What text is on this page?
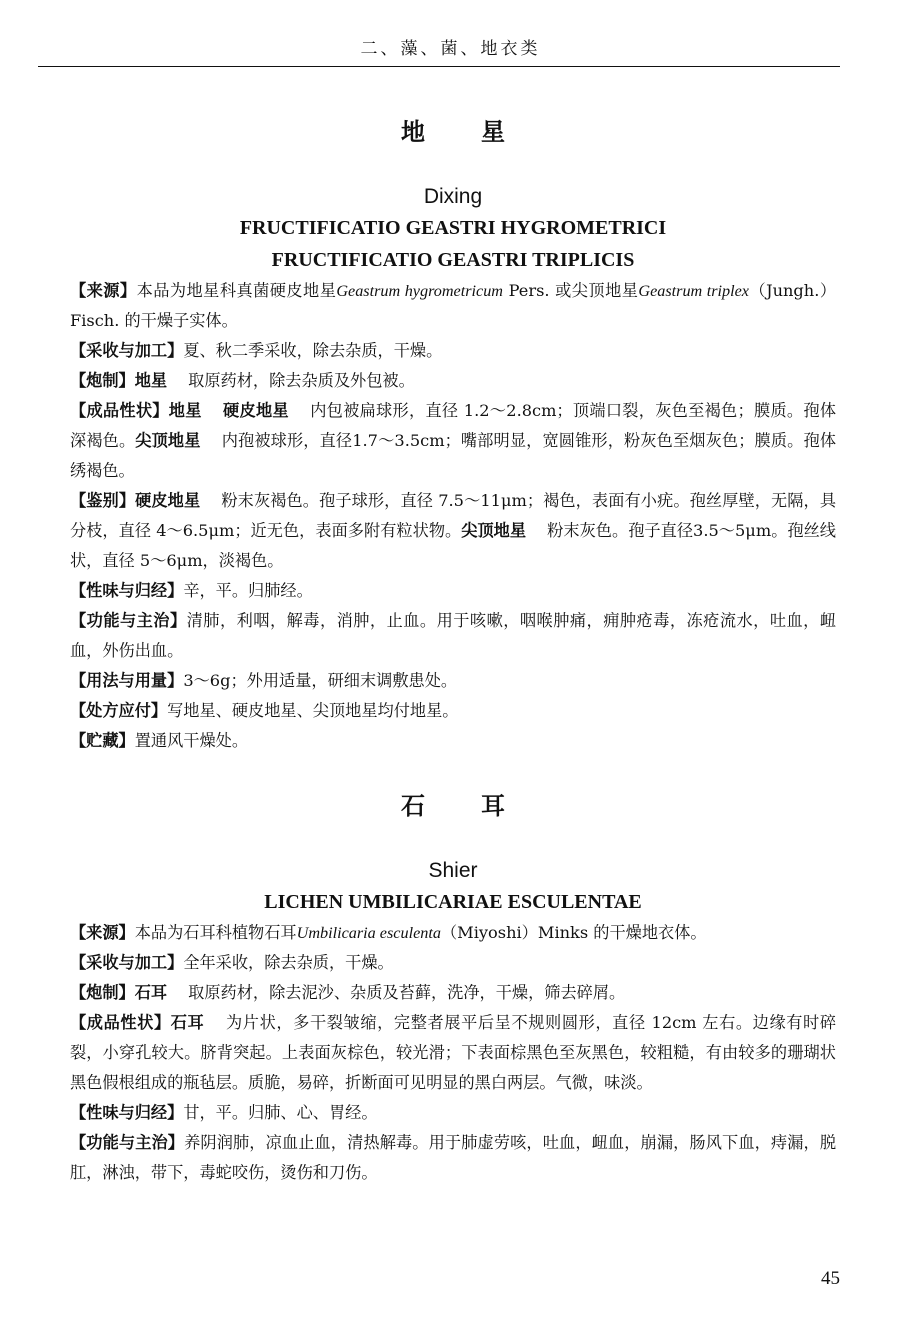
二、藻、菌、地衣类
地星
Dixing
FRUCTIFICATIO GEASTRI HYGROMETRICI
FRUCTIFICATIO GEASTRI TRIPLICIS

【来源】本品为地星科真菌硬皮地星Geastrum hygrometricum Pers. 或尖顶地星Geastrum triplex（Jungh.）Fisch. 的干燥子实体。

【采收与加工】夏、秋二季采收，除去杂质，干燥。

【炮制】地星 取原药材，除去杂质及外包被。

【成品性状】地星 硬皮地星 内包被扁球形，直径 1.2～2.8cm；顶端口裂，灰色至褐色；膜质。孢体深褐色。尖顶地星 内孢被球形，直径1.7～3.5cm；嘴部明显，宽圆锥形，粉灰色至烟灰色；膜质。孢体绣褐色。

【鉴别】硬皮地星 粉末灰褐色。孢子球形，直径 7.5～11μm；褐色，表面有小疣。孢丝厚壁，无隔，具分枝，直径 4～6.5μm；近无色，表面多附有粒状物。尖顶地星 粉末灰色。孢子直径3.5～5μm。孢丝线状，直径 5～6μm，淡褐色。

【性味与归经】辛，平。归肺经。

【功能与主治】清肺，利咽，解毒，消肿，止血。用于咳嗽，咽喉肿痛，痈肿疮毒，冻疮流水，吐血，衄血，外伤出血。

【用法与用量】3～6g；外用适量，研细末调敷患处。

【处方应付】写地星、硬皮地星、尖顶地星均付地星。

【贮藏】置通风干燥处。

石耳
Shier
LICHEN UMBILICARIAE ESCULENTAE

【来源】本品为石耳科植物石耳Umbilicaria esculenta（Miyoshi）Minks 的干燥地衣体。

【采收与加工】全年采收，除去杂质，干燥。

【炮制】石耳 取原药材，除去泥沙、杂质及苔藓，洗净，干燥，筛去碎屑。

【成品性状】石耳 为片状，多干裂皱缩，完整者展平后呈不规则圆形，直径 12cm 左右。边缘有时碎裂，小穿孔较大。脐背突起。上表面灰棕色，较光滑；下表面棕黑色至灰黑色，较粗糙，有由较多的珊瑚状黑色假根组成的瓶毡层。质脆，易碎，折断面可见明显的黑白两层。气微，味淡。

【性味与归经】甘，平。归肺、心、胃经。

【功能与主治】养阴润肺，凉血止血，清热解毒。用于肺虚劳咳，吐血，衄血，崩漏，肠风下血，痔漏，脱肛，淋浊，带下，毒蛇咬伤，烫伤和刀伤。

45
